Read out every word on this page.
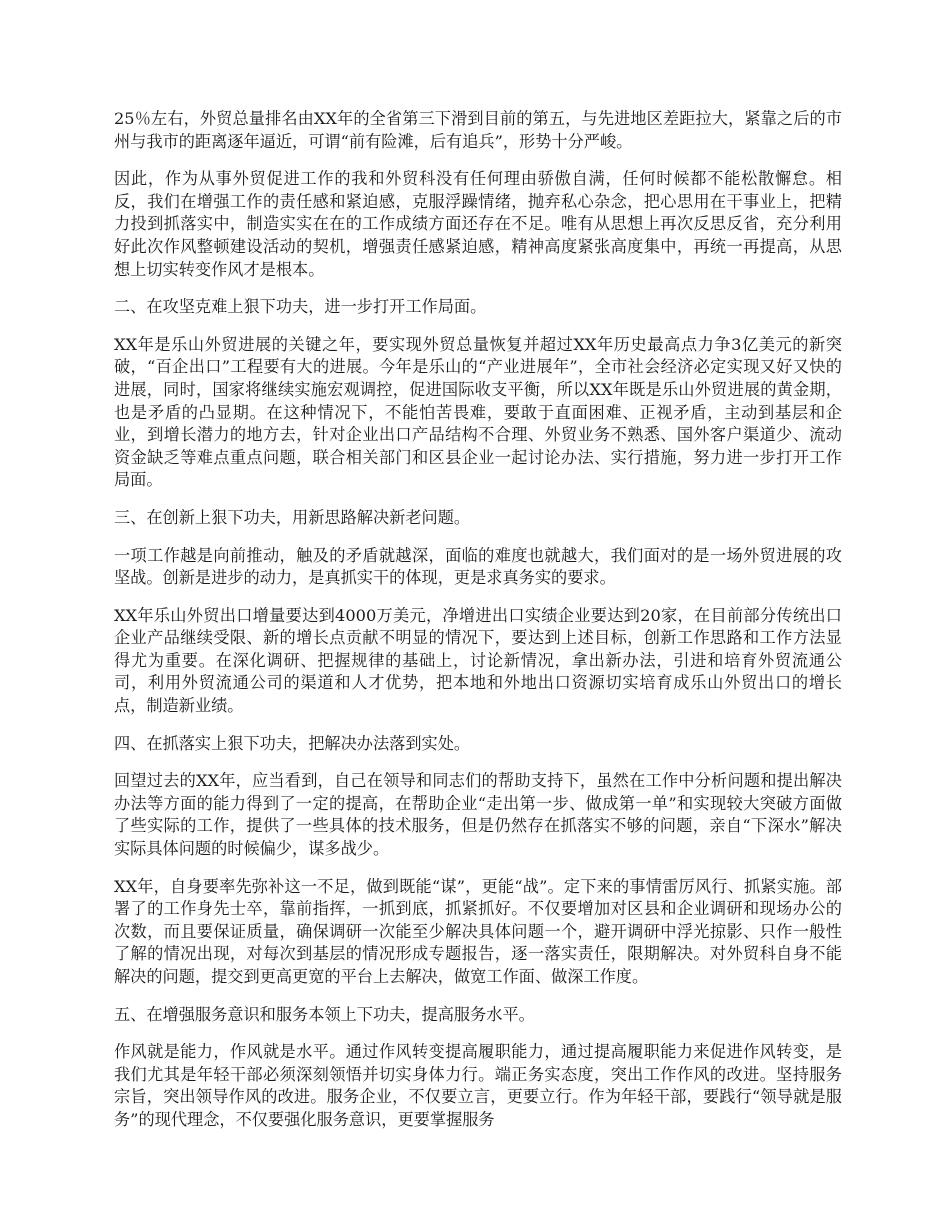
25％左右，外贸总量排名由XX年的全省第三下滑到目前的第五，与先进地区差距拉大，紧靠之后的市州与我市的距离逐年逼近，可谓“前有险滩，后有追兵”，形势十分严峻。

因此，作为从事外贸促进工作的我和外贸科没有任何理由骄傲自满，任何时候都不能松散懈怠。相反，我们在增强工作的责任感和紧迫感，克服浮躁情绪，抛弃私心杂念，把心思用在干事业上，把精力投到抓落实中，制造实实在在的工作成绩方面还存在不足。唯有从思想上再次反思反省，充分利用好此次作风整顿建设活动的契机，增强责任感紧迫感，精神高度紧张高度集中，再统一再提高，从思想上切实转变作风才是根本。

二、在攻坚克难上狠下功夫，进一步打开工作局面。

XX年是乐山外贸进展的关键之年，要实现外贸总量恢复并超过XX年历史最高点力争3亿美元的新突破，“百企出口”工程要有大的进展。今年是乐山的“产业进展年”，全市社会经济必定实现又好又快的进展，同时，国家将继续实施宏观调控，促进国际收支平衡，所以XX年既是乐山外贸进展的黄金期，也是矛盾的凸显期。在这种情况下，不能怕苦畏难，要敢于直面困难、正视矛盾，主动到基层和企业，到增长潜力的地方去，针对企业出口产品结构不合理、外贸业务不熟悉、国外客户渠道少、流动资金缺乏等难点重点问题，联合相关部门和区县企业一起讨论办法、实行措施，努力进一步打开工作局面。

三、在创新上狠下功夫，用新思路解决新老问题。

一项工作越是向前推动，触及的矛盾就越深，面临的难度也就越大，我们面对的是一场外贸进展的攻坚战。创新是进步的动力，是真抓实干的体现，更是求真务实的要求。

XX年乐山外贸出口增量要达到4000万美元，净增进出口实绩企业要达到20家，在目前部分传统出口企业产品继续受限、新的增长点贡献不明显的情况下，要达到上述目标，创新工作思路和工作方法显得尤为重要。在深化调研、把握规律的基础上，讨论新情况，拿出新办法，引进和培育外贸流通公司，利用外贸流通公司的渠道和人才优势，把本地和外地出口资源切实培育成乐山外贸出口的增长点，制造新业绩。

四、在抓落实上狠下功夫，把解决办法落到实处。

回望过去的XX年，应当看到，自己在领导和同志们的帮助支持下，虽然在工作中分析问题和提出解决办法等方面的能力得到了一定的提高，在帮助企业“走出第一步、做成第一单”和实现较大突破方面做了些实际的工作，提供了一些具体的技术服务，但是仍然存在抓落实不够的问题，亲自“下深水”解决实际具体问题的时候偏少，谋多战少。

XX年，自身要率先弥补这一不足，做到既能“谋”，更能“战”。定下来的事情雷厉风行、抓紧实施。部署了的工作身先士卒，靠前指挥，一抓到底，抓紧抓好。不仅要增加对区县和企业调研和现场办公的次数，而且要保证质量，确保调研一次能至少解决具体问题一个，避开调研中浮光掠影、只作一般性了解的情况出现，对每次到基层的情况形成专题报告，逐一落实责任，限期解决。对外贸科自身不能解决的问题，提交到更高更宽的平台上去解决，做宽工作面、做深工作度。

五、在增强服务意识和服务本领上下功夫，提高服务水平。

作风就是能力，作风就是水平。通过作风转变提高履职能力，通过提高履职能力来促进作风转变，是我们尤其是年轻干部必须深刻领悟并切实身体力行。端正务实态度，突出工作作风的改进。坚持服务宗旨，突出领导作风的改进。服务企业，不仅要立言，更要立行。作为年轻干部，要践行“领导就是服务”的现代理念，不仅要强化服务意识，更要掌握服务
